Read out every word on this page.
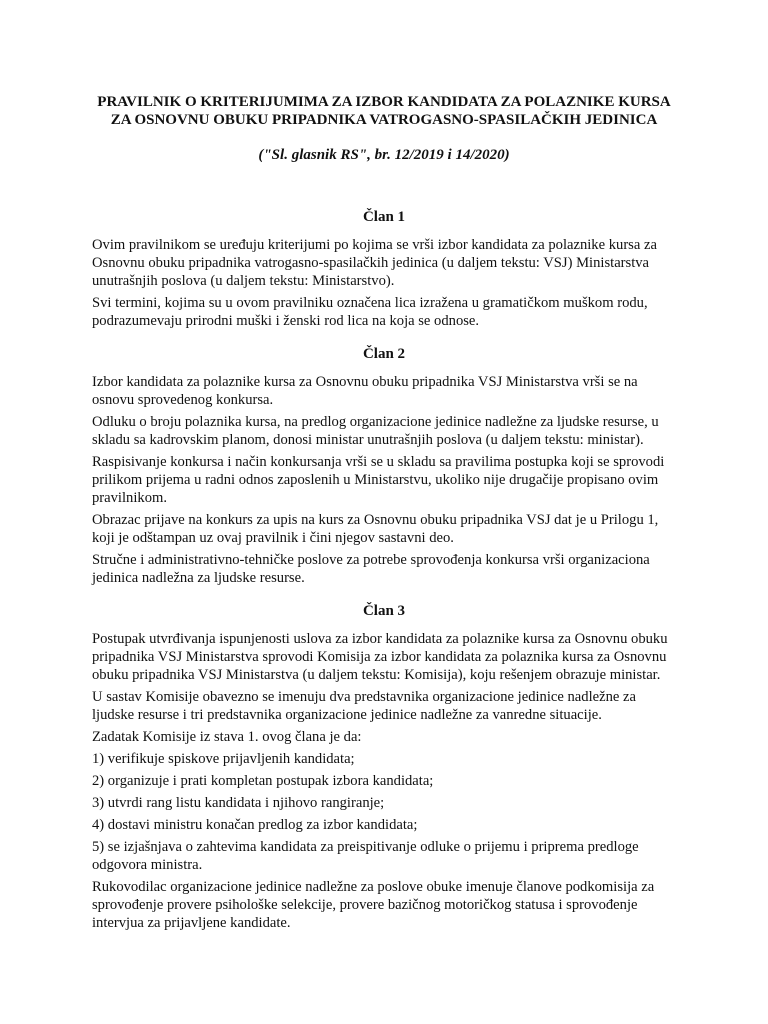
PRAVILNIK O KRITERIJUMIMA ZA IZBOR KANDIDATA ZA POLAZNIKE KURSA

ZA OSNOVNU OBUKU PRIPADNIKA VATROGASNO-SPASILAČKIH JEDINICA

("Sl. glasnik RS", br. 12/2019 i 14/2020)

Član 1

Ovim pravilnikom se uređuju kriterijumi po kojima se vrši izbor kandidata za polaznike kursa za Osnovnu obuku pripadnika vatrogasno-spasilačkih jedinica (u daljem tekstu: VSJ) Ministarstva unutrašnjih poslova (u daljem tekstu: Ministarstvo).

Svi termini, kojima su u ovom pravilniku označena lica izražena u gramatičkom muškom rodu, podrazumevaju prirodni muški i ženski rod lica na koja se odnose.

Član 2

Izbor kandidata za polaznike kursa za Osnovnu obuku pripadnika VSJ Ministarstva vrši se na osnovu sprovedenog konkursa.

Odluku o broju polaznika kursa, na predlog organizacione jedinice nadležne za ljudske resurse, u skladu sa kadrovskim planom, donosi ministar unutrašnjih poslova (u daljem tekstu: ministar).

Raspisivanje konkursa i način konkursanja vrši se u skladu sa pravilima postupka koji se sprovodi prilikom prijema u radni odnos zaposlenih u Ministarstvu, ukoliko nije drugačije propisano ovim pravilnikom.

Obrazac prijave na konkurs za upis na kurs za Osnovnu obuku pripadnika VSJ dat je u Prilogu 1, koji je odštampan uz ovaj pravilnik i čini njegov sastavni deo.

Stručne i administrativno-tehničke poslove za potrebe sprovođenja konkursa vrši organizaciona jedinica nadležna za ljudske resurse.

Član 3

Postupak utvrđivanja ispunjenosti uslova za izbor kandidata za polaznike kursa za Osnovnu obuku pripadnika VSJ Ministarstva sprovodi Komisija za izbor kandidata za polaznika kursa za Osnovnu obuku pripadnika VSJ Ministarstva (u daljem tekstu: Komisija), koju rešenjem obrazuje ministar.

U sastav Komisije obavezno se imenuju dva predstavnika organizacione jedinice nadležne za ljudske resurse i tri predstavnika organizacione jedinice nadležne za vanredne situacije.

Zadatak Komisije iz stava 1. ovog člana je da:

1) verifikuje spiskove prijavljenih kandidata;

2) organizuje i prati kompletan postupak izbora kandidata;

3) utvrdi rang listu kandidata i njihovo rangiranje;

4) dostavi ministru konačan predlog za izbor kandidata;

5) se izjašnjava o zahtevima kandidata za preispitivanje odluke o prijemu i priprema predloge odgovora ministra.

Rukovodilac organizacione jedinice nadležne za poslove obuke imenuje članove podkomisija za sprovođenje provere psihološke selekcije, provere bazičnog motoričkog statusa i sprovođenje intervjua za prijavljene kandidate.
